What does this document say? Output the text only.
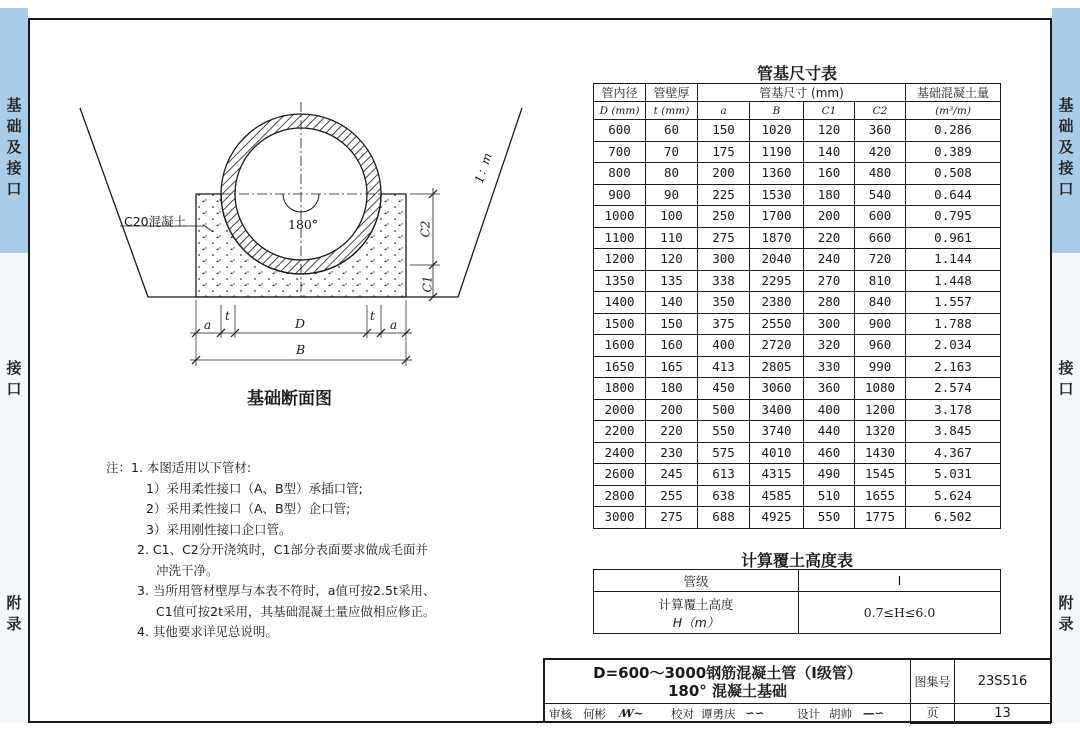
基
础
及
接
口
基
础
及
接
口
接
口
接
口
附
录
附
录
C20混凝土	180°
1：m
C2
C1
a
t	D	t
a
B
基础断面图
管基尺寸表
管内径	管壁厚	管基尺寸 (mm)				基础混凝土量
D (mm)	t (mm)	a	B	C1	C2	(m³/m)
600	60	150	1020	120	360	0.286
700	70	175	1190	140	420	0.389
800	80	200	1360	160	480	0.508
900	90	225	1530	180	540	0.644
1000	100	250	1700	200	600	0.795
1100	110	275	1870	220	660	0.961
1200	120	300	2040	240	720	1.144
1350	135	338	2295	270	810	1.448
1400	140	350	2380	280	840	1.557
1500	150	375	2550	300	900	1.788
1600	160	400	2720	320	960	2.034
1650	165	413	2805	330	990	2.163
1800	180	450	3060	360	1080	2.574
2000	200	500	3400	400	1200	3.178
2200	220	550	3740	440	1320	3.845
2400	230	575	4010	460	1430	4.367
2600	245	613	4315	490	1545	5.031
2800	255	638	4585	510	1655	5.624
3000	275	688	4925	550	1775	6.502
计算覆土高度表
管级	I

计算覆土高度
H（m）	0.7≤H≤6.0
注：1. 本图适用以下管材:
1）采用柔性接口（A、B型）承插口管;
2）采用柔性接口（A、B型）企口管;
3）采用刚性接口企口管。
2. C1、C2分开浇筑时，C1部分表面要求做成毛面并
冲洗干净。
3. 当所用管材壁厚与本表不符时，a值可按2.5t采用、
C1值可按2t采用，其基础混凝土量应做相应修正。
4. 其他要求详见总说明。
D=600～3000钢筋混凝土管（Ⅰ级管）
180° 混凝土基础	图集号	23S516
页	13
审核 何彬 ꟿ~ 校对 谭勇庆 ∽∽	设计 胡帅 —∽
